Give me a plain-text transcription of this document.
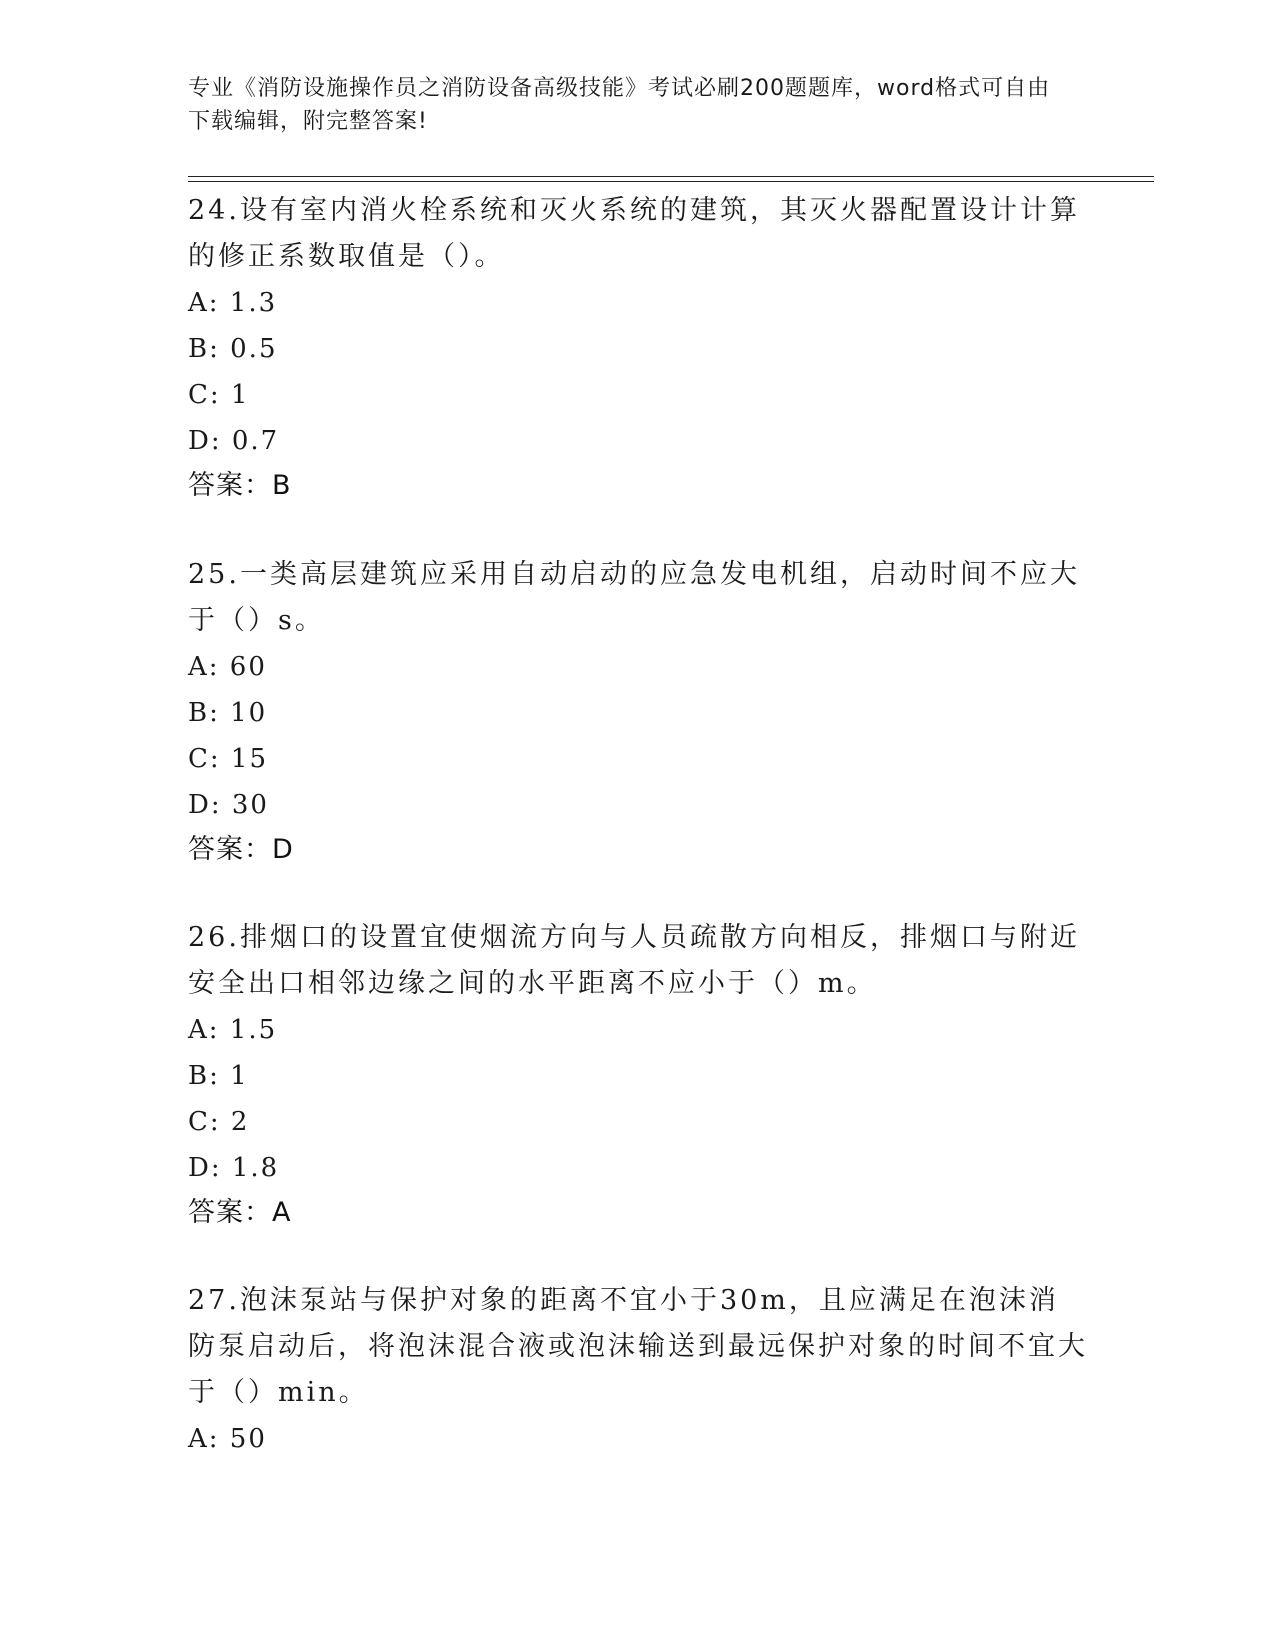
专业《消防设施操作员之消防设备高级技能》考试必刷200题题库，word格式可自由下载编辑，附完整答案!

24.设有室内消火栓系统和灭火系统的建筑，其灭火器配置设计计算的修正系数取值是（）。

A: 1.3

B: 0.5

C: 1

D: 0.7

答案：B

25.一类高层建筑应采用自动启动的应急发电机组，启动时间不应大于（）s。

A: 60

B: 10

C: 15

D: 30

答案：D

26.排烟口的设置宜使烟流方向与人员疏散方向相反，排烟口与附近安全出口相邻边缘之间的水平距离不应小于（）m。

A: 1.5

B: 1

C: 2

D: 1.8

答案：A

27.泡沫泵站与保护对象的距离不宜小于30m，且应满足在泡沫消防泵启动后，将泡沫混合液或泡沫输送到最远保护对象的时间不宜大于（）min。

A: 50
